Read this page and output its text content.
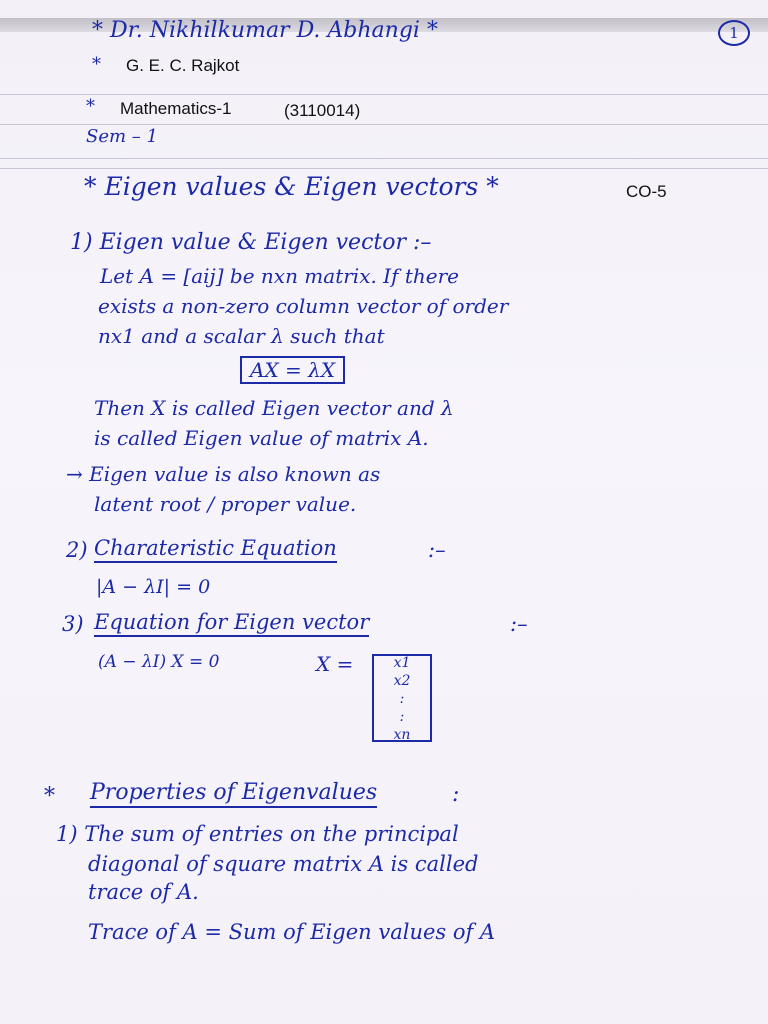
* Dr. Nikhilkumar D. Abhangi *	1
* G. E. C. Rajkot
* Mathematics-1	(3110014)
Sem – 1
* Eigen values & Eigen vectors *	CO-5
1) Eigen value & Eigen vector :–
Let A = [aij] be nxn matrix. If there
exists a non-zero column vector of order
nx1 and a scalar λ such that
AX = λX
Then X is called Eigen vector and λ
is called Eigen value of matrix A.
→ Eigen value is also known as
latent root / proper value.
2) Charateristic Equation	:–
|A − λI| = 0
3) Equation for Eigen vector	:–
(A − λI) X = 0	X =	x1
x2
:
:
xn
* Properties of Eigenvalues	:
1) The sum of entries on the principal
diagonal of square matrix A is called
trace of A.
Trace of A = Sum of Eigen values of A
